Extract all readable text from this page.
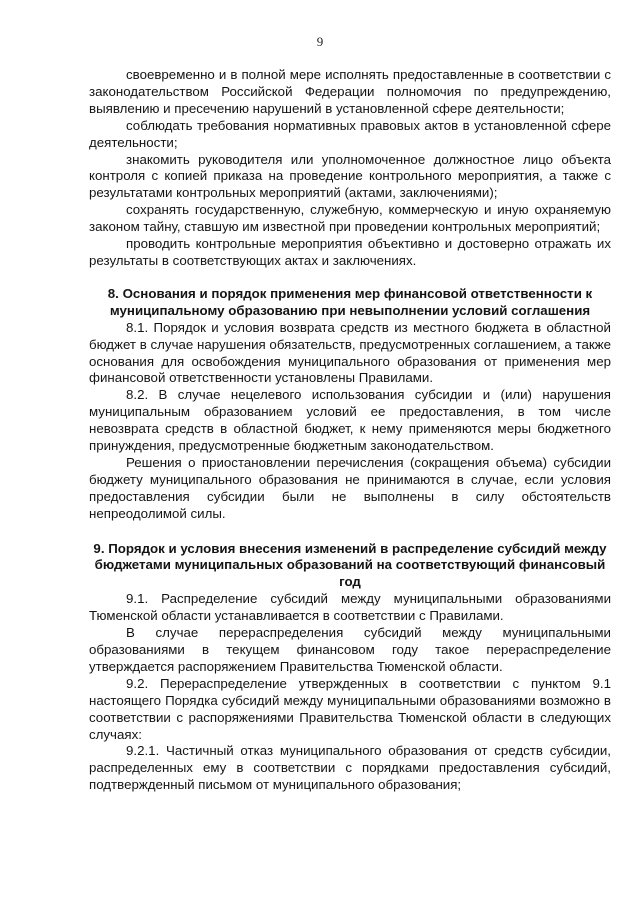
9

своевременно и в полной мере исполнять предоставленные в соответствии с законодательством Российской Федерации полномочия по предупреждению, выявлению и пресечению нарушений в установленной сфере деятельности;

соблюдать требования нормативных правовых актов в установленной сфере деятельности;

знакомить руководителя или уполномоченное должностное лицо объекта контроля с копией приказа на проведение контрольного мероприятия, а также с результатами контрольных мероприятий (актами, заключениями);

сохранять государственную, служебную, коммерческую и иную охраняемую законом тайну, ставшую им известной при проведении контрольных мероприятий;

проводить контрольные мероприятия объективно и достоверно отражать их результаты в соответствующих актах и заключениях.

8. Основания и порядок применения мер финансовой ответственности к муниципальному образованию при невыполнении условий соглашения

8.1. Порядок и условия возврата средств из местного бюджета в областной бюджет в случае нарушения обязательств, предусмотренных соглашением, а также основания для освобождения муниципального образования от применения мер финансовой ответственности установлены Правилами.

8.2. В случае нецелевого использования субсидии и (или) нарушения муниципальным образованием условий ее предоставления, в том числе невозврата средств в областной бюджет, к нему применяются меры бюджетного принуждения, предусмотренные бюджетным законодательством.

Решения о приостановлении перечисления (сокращения объема) субсидии бюджету муниципального образования не принимаются в случае, если условия предоставления субсидии были не выполнены в силу обстоятельств непреодолимой силы.

9. Порядок и условия внесения изменений в распределение субсидий между бюджетами муниципальных образований на соответствующий финансовый год

9.1. Распределение субсидий между муниципальными образованиями Тюменской области устанавливается в соответствии с Правилами.

В случае перераспределения субсидий между муниципальными образованиями в текущем финансовом году такое перераспределение утверждается распоряжением Правительства Тюменской области.

9.2. Перераспределение утвержденных в соответствии с пунктом 9.1 настоящего Порядка субсидий между муниципальными образованиями возможно в соответствии с распоряжениями Правительства Тюменской области в следующих случаях:

9.2.1. Частичный отказ муниципального образования от средств субсидии, распределенных ему в соответствии с порядками предоставления субсидий, подтвержденный письмом от муниципального образования;
